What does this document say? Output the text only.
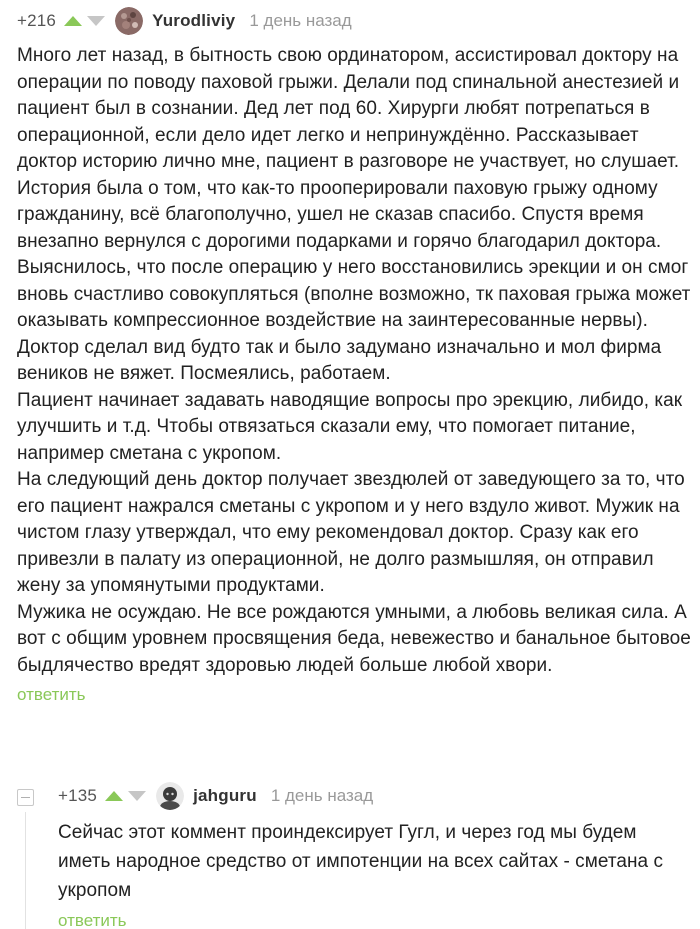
+216	Yurodliviy 1 день назад

Много лет назад, в бытность свою ординатором, ассистировал доктору на операции по поводу паховой грыжи. Делали под спинальной анестезией и пациент был в сознании. Дед лет под 60. Хирурги любят потрепаться в операционной, если дело идет легко и непринуждённо. Рассказывает доктор историю лично мне, пациент в разговоре не участвует, но слушает. История была о том, что как-то прооперировали паховую грыжу одному гражданину, всё благополучно, ушел не сказав спасибо. Спустя время внезапно вернулся с дорогими подарками и горячо благодарил доктора. Выяснилось, что после операцию у него восстановились эрекции и он смог вновь счастливо совокупляться (вполне возможно, тк паховая грыжа может оказывать компрессионное воздействие на заинтересованные нервы). Доктор сделал вид будто так и было задумано изначально и мол фирма веников не вяжет. Посмеялись, работаем.

Пациент начинает задавать наводящие вопросы про эрекцию, либидо, как улучшить и т.д. Чтобы отвязаться сказали ему, что помогает питание, например сметана с укропом.

На следующий день доктор получает звездюлей от заведующего за то, что его пациент нажрался сметаны с укропом и у него вздуло живот. Мужик на чистом глазу утверждал, что ему рекомендовал доктор. Сразу как его привезли в палату из операционной, не долго размышляя, он отправил жену за упомянутыми продуктами.

Мужика не осуждаю. Не все рождаются умными, а любовь великая сила. А вот с общим уровнем просвящения беда, невежество и банальное бытовое быдлячество вредят здоровью людей больше любой хвори.

ответить
+135	jahguru 1 день назад

Сейчас этот коммент проиндексирует Гугл, и через год мы будем иметь народное средство от импотенции на всех сайтах - сметана с укропом

ответить
